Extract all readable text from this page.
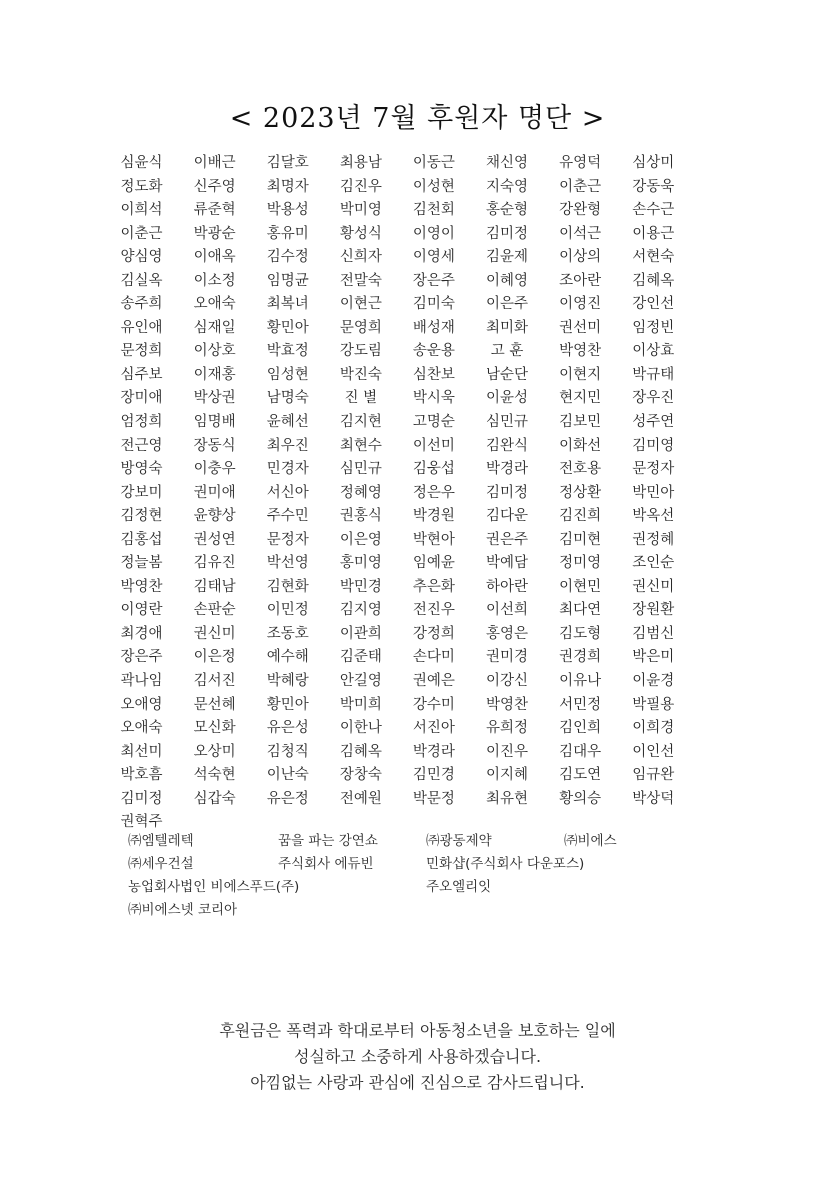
< 2023년 7월 후원자 명단 >
심윤식	이배근	김달호	최용남	이동근	채신영	유영덕	심상미
정도화	신주영	최명자	김진우	이성현	지숙영	이춘근	강동욱
이희석	류준혁	박용성	박미영	김천회	홍순형	강완형	손수근
이춘근	박광순	홍유미	황성식	이영이	김미정	이석근	이용근
양심영	이애옥	김수정	신희자	이영세	김윤제	이상의	서현숙
김실옥	이소정	임명균	전말숙	장은주	이혜영	조아란	김혜옥
송주희	오애숙	최복녀	이현근	김미숙	이은주	이영진	강인선
유인애	심재일	황민아	문영희	배성재	최미화	권선미	임정빈
문정희	이상호	박효정	강도림	송운용	고 훈	박영찬	이상효
심주보	이재홍	임성현	박진숙	심찬보	남순단	이현지	박규태
장미애	박상권	남명숙	진 별	박시욱	이윤성	현지민	장우진
엄정희	임명배	윤혜선	김지현	고명순	심민규	김보민	성주연
전근영	장동식	최우진	최현수	이선미	김완식	이화선	김미영
방영숙	이충우	민경자	심민규	김웅섭	박경라	전호용	문정자
강보미	권미애	서신아	정혜영	정은우	김미정	정상환	박민아
김정현	윤향상	주수민	권홍식	박경원	김다운	김진희	박옥선
김홍섭	권성연	문정자	이은영	박현아	권은주	김미현	권정혜
정늘봄	김유진	박선영	홍미영	임예윤	박예담	정미영	조인순
박영찬	김태남	김현화	박민경	추은화	하아란	이현민	권신미
이영란	손판순	이민정	김지영	전진우	이선희	최다연	장원환
최경애	권신미	조동호	이관희	강정희	홍영은	김도형	김범신
장은주	이은정	예수해	김준태	손다미	권미경	권경희	박은미
곽나임	김서진	박혜랑	안길영	권예은	이강신	이유나	이윤경
오애영	문선혜	황민아	박미희	강수미	박영찬	서민정	박필용
오애숙	모신화	유은성	이한나	서진아	유희정	김인희	이희경
최선미	오상미	김청직	김혜옥	박경라	이진우	김대우	이인선
박호흠	석숙현	이난숙	장창숙	김민경	이지혜	김도연	임규완
김미정	심갑숙	유은정	전예원	박문정	최유현	황의승	박상덕
권혁주
㈜엠텔레텍	꿈을 파는 강연쇼	㈜광동제약	㈜비에스
㈜세우건설	주식회사 에듀빈	민화샵(주식회사 다운포스)
농업회사법인 비에스푸드(주)	주오엘리잇
㈜비에스넷 코리아
후원금은 폭력과 학대로부터 아동청소년을 보호하는 일에
성실하고 소중하게 사용하겠습니다.
아낌없는 사랑과 관심에 진심으로 감사드립니다.
